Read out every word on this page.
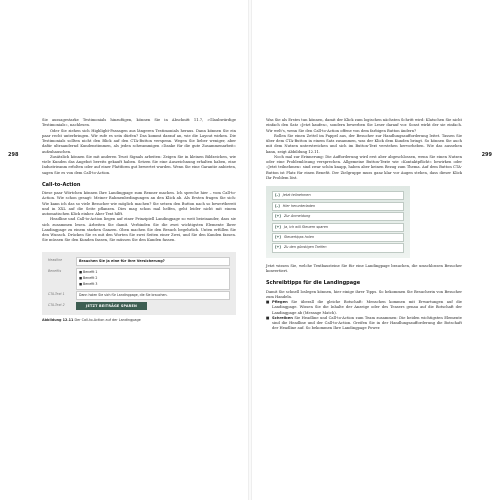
298

Sie aussagestarke Testimonials hinzufügen, können Sie in Abschnitt 11.7, »Glaubwürdige Testimonials«, nachlesen.

Oder Sie ziehen sich Highlight-Passagen aus längeren Testimonials heraus. Dann können Sie ein paar recht unterbringen. Wir rufe es sein dürfen? Das kommt darauf an, wie die Layout wirken. Die Testimonials sollten nicht den Blick auf den CTA-Button verspenn. Wegen Sie lieber weniger, aber dafür ultraandernd Kundenstimmen, als jeden schwammigen »Danke für die gute Zusammenarbeit« aufzuhauschen.

Zusätzlich können Sie mit anderen Trust Signals arbeiten: Zeigen Sie in kleinen Bildzeichen, wie viele Kunden das Angebot bereits gekauft haben. Setzen Sie eine Auszeichnung erhalten haben, eine Industrieanm erfolten oder auf einer Plattform gut bewertet wurden. Wenn Sie eine Garantie anbieten, sagen Sie es von dem Call-to-Action.

Call-to-Action

Diese paar Wörtchen können Ihre Landingpage zum Renner machen. Ich spreche hier – vom Call-to-Action. Wie schon gesagt: Meiner Rahmenbedingungen an den Klick ab. Als Ersten fragen Sie sich: Wie kann ich das so viele Besucher wie möglich machen? Sie setzen den Button nach so bewertbereit und in XXL auf die Seite pflanzen. Dies mag schon mal helfen, geht leider nicht mit einem automatischen Klick einher. Aber Text hilft.

Headline und Call-to-Action liegen auf einer Prinzipiell Landingpage so weit beieinander, dass sie sich zusammen lesen. Arbeiten Sie damit. Verbinden Sie die zwei wichtigsten Elemente Ihrer Landingpage zu einem starken Ganzen. Oben machen Sie den Besuch begehrlich. Unten erfüllen Sie den Wunsch. Drücken Sie es mit den Worten Sie zwei Seiten einer Zwei, und Sie den Kunden fassen. Sie müssen Sie den Kunden fassen, Sie müssen Sie den Kunden fassen.

Headline	Brauchen Sie ja eine für Ihre Versicherung?
Benefits	■ Benefit 1
■ Benefit 2
■ Benefit 3
CTA-Text 1	Dann holen Sie sich für Landingpage, die Sie brauchen.
CTA-Text 2	JETZT BEITRÄGE SPAREN
Abbildung 12.11 Der Call-to-Action auf der Landingpage
299

Was Sie als Erstes tun können, damit der Klick zum logischen nächsten Schritt wird: Klatschen Sie nicht einfach den Satz »Jetzt kaufen«, sondern bewerben Sie Leser darauf vor. Sonst wirkt der sie einfach. Wir welt's, wenn Sie den Call-to-Action offene von dem farbigen Button ändern?

Rollen Sie einen Zettel im Pappel aus, der Besucher zur Handlungsaufforderung leitet. Tassen Sie über dem CTA-Button in einem Satz zusammen, was der Klick dem Kunden bringt. So können Sie auch mit dem Nutzen unterstreichen und sich im Button-Text verstehen hervorheben. Wie das aussehen kann, zeigt Abbildung 12.11.

Noch mal zur Erinnerung: Die Aufforderung wird erst aber abgeschlossen, wenn Sie einen Nutzen oder eine Problemlösung versprechen. Allgemeine Button-Texte wie »Kontaktpflicht« bewirken oder »Jetzt teilnehmen« sind zwar schön knapp, haben aber keinen Bezug zum Thema. Auf dem Button CTA-Button ist Platz für einen Benefit. Der Zielgruppe muss ganz klar vor Augen stehen, dass dieser Klick Ihr Problem löst.

[–] Jetzt teilnehmen
[–] Hier herunterladen
[+] Zur Anmeldung
[+] Ja, ich will Steuern sparen
[+] Steuertipps holen
[+] Zu den günstigen Tarifen

Jetzt wissen Sie, welche Textbausteine Sie für eine Landingpage brauchen, die umschlossen Besucher konvertiert.

Schreibtipps für die Landingpage

Damit Sie schnell loslegen können, hier einige ihrer Tipps. So bekommen Sie Besucherin von Besucher zum Handeln.

■ Pflegen Sie überall die gleiche Botschaft: Menschen kommen mit Erwartungen auf die Landingpage. Wissen Sie die Inhalte der Anzeige oder des Teasers genau auf die Botschaft der Landingpage ab (Message Match).

■ Schreiben Sie Headline und Call-to-Action zum Team zusammen: Die beiden wichtigsten Elemente sind die Headline und der Call-to-Action. Greifen Sie in der Handlungsaufforderung die Botschaft der Headline auf. So bekommen Ihre Landingpage Power.
